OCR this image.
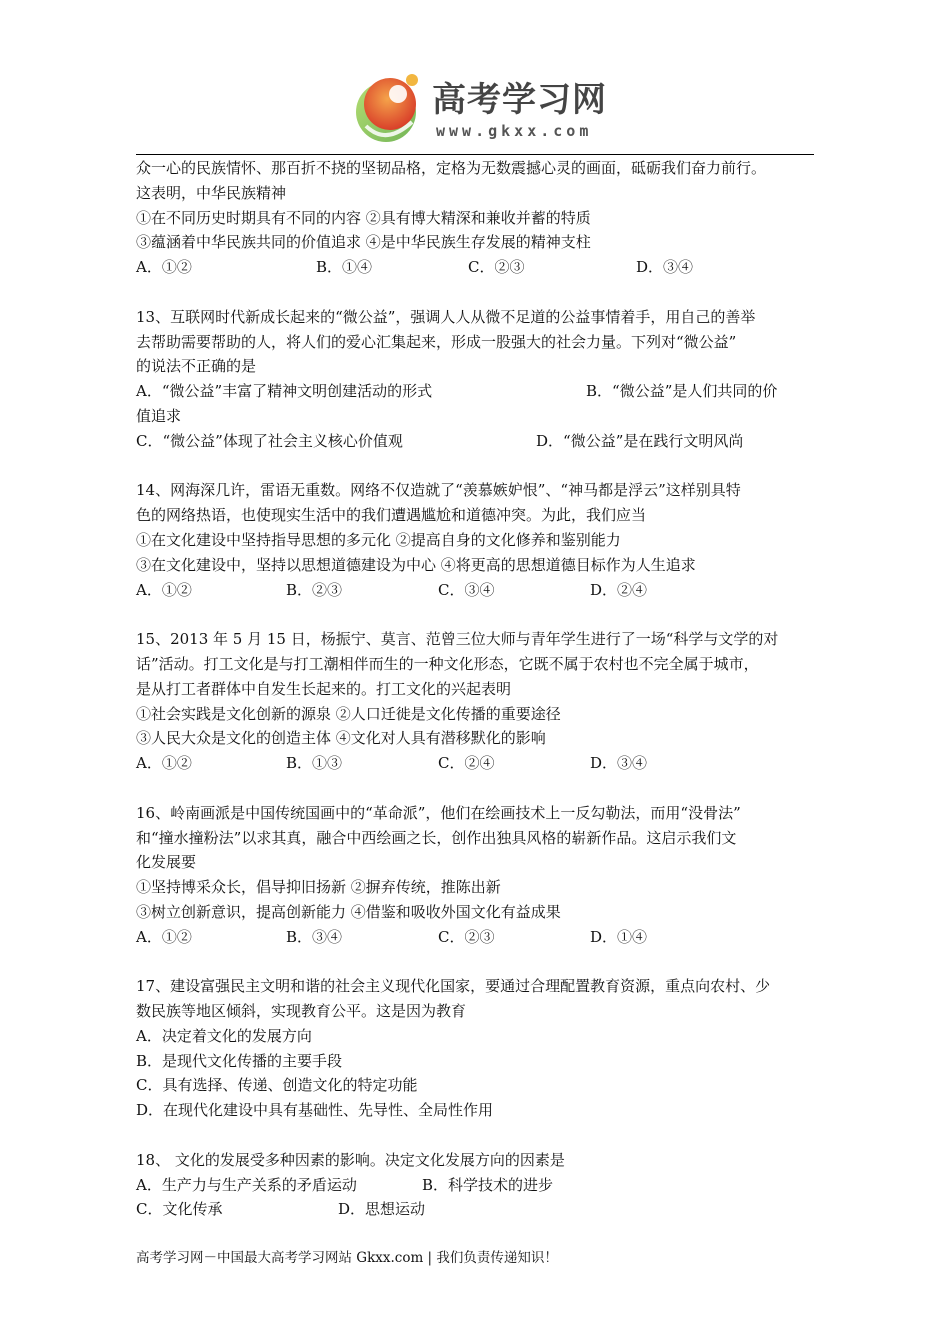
高考学习网
www.gkxx.com
众一心的民族情怀、那百折不挠的坚韧品格，定格为无数震撼心灵的画面，砥砺我们奋力前行。
这表明，中华民族精神
①在不同历史时期具有不同的内容 ②具有博大精深和兼收并蓄的特质
③蕴涵着中华民族共同的价值追求 ④是中华民族生存发展的精神支柱
A．①②	B．①④	C．②③	D．③④
13、互联网时代新成长起来的“微公益”，强调人人从微不足道的公益事情着手，用自己的善举
去帮助需要帮助的人，将人们的爱心汇集起来，形成一股强大的社会力量。下列对“微公益”
的说法不正确的是
A．“微公益”丰富了精神文明创建活动的形式	B．“微公益”是人们共同的价
值追求
C．“微公益”体现了社会主义核心价值观	D．“微公益”是在践行文明风尚
14、网海深几许，雷语无重数。网络不仅造就了“羡慕嫉妒恨”、“神马都是浮云”这样别具特
色的网络热语，也使现实生活中的我们遭遇尴尬和道德冲突。为此，我们应当
①在文化建设中坚持指导思想的多元化 ②提高自身的文化修养和鉴别能力
③在文化建设中，坚持以思想道德建设为中心 ④将更高的思想道德目标作为人生追求
A．①②	B．②③	C．③④	D．②④
15、2013 年 5 月 15 日，杨振宁、莫言、范曾三位大师与青年学生进行了一场“科学与文学的对
话”活动。打工文化是与打工潮相伴而生的一种文化形态，它既不属于农村也不完全属于城市，
是从打工者群体中自发生长起来的。打工文化的兴起表明
①社会实践是文化创新的源泉 ②人口迁徙是文化传播的重要途径
③人民大众是文化的创造主体 ④文化对人具有潜移默化的影响
A．①②	B．①③	C．②④	D．③④
16、岭南画派是中国传统国画中的“革命派”，他们在绘画技术上一反勾勒法，而用“没骨法”
和“撞水撞粉法”以求其真，融合中西绘画之长，创作出独具风格的崭新作品。这启示我们文
化发展要
①坚持博采众长，倡导抑旧扬新 ②摒弃传统，推陈出新
③树立创新意识，提高创新能力 ④借鉴和吸收外国文化有益成果
A．①②	B．③④	C．②③	D．①④
17、建设富强民主文明和谐的社会主义现代化国家，要通过合理配置教育资源，重点向农村、少
数民族等地区倾斜，实现教育公平。这是因为教育
A．决定着文化的发展方向
B．是现代文化传播的主要手段
C．具有选择、传递、创造文化的特定功能
D．在现代化建设中具有基础性、先导性、全局性作用
18、 文化的发展受多种因素的影响。决定文化发展方向的因素是
A．生产力与生产关系的矛盾运动	B．科学技术的进步
C．文化传承	D．思想运动
高考学习网－中国最大高考学习网站 Gkxx.com | 我们负责传递知识！
